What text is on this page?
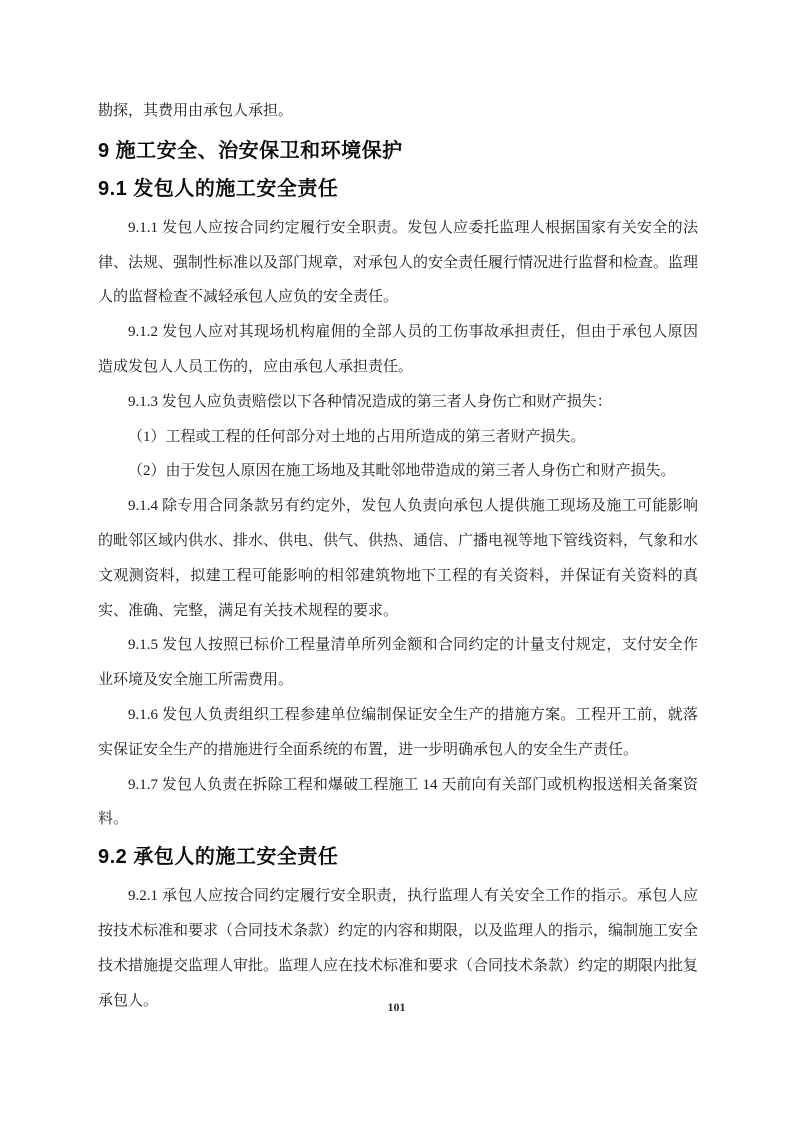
勘探，其费用由承包人承担。

9 施工安全、治安保卫和环境保护
9.1 发包人的施工安全责任

9.1.1 发包人应按合同约定履行安全职责。发包人应委托监理人根据国家有关安全的法律、法规、强制性标准以及部门规章，对承包人的安全责任履行情况进行监督和检查。监理人的监督检查不减轻承包人应负的安全责任。

9.1.2 发包人应对其现场机构雇佣的全部人员的工伤事故承担责任，但由于承包人原因造成发包人人员工伤的，应由承包人承担责任。

9.1.3 发包人应负责赔偿以下各种情况造成的第三者人身伤亡和财产损失：

（1）工程或工程的任何部分对土地的占用所造成的第三者财产损失。

（2）由于发包人原因在施工场地及其毗邻地带造成的第三者人身伤亡和财产损失。

9.1.4 除专用合同条款另有约定外，发包人负责向承包人提供施工现场及施工可能影响的毗邻区域内供水、排水、供电、供气、供热、通信、广播电视等地下管线资料，气象和水文观测资料，拟建工程可能影响的相邻建筑物地下工程的有关资料，并保证有关资料的真实、准确、完整，满足有关技术规程的要求。

9.1.5 发包人按照已标价工程量清单所列金额和合同约定的计量支付规定，支付安全作业环境及安全施工所需费用。

9.1.6 发包人负责组织工程参建单位编制保证安全生产的措施方案。工程开工前，就落实保证安全生产的措施进行全面系统的布置，进一步明确承包人的安全生产责任。

9.1.7 发包人负责在拆除工程和爆破工程施工 14 天前向有关部门或机构报送相关备案资料。

9.2 承包人的施工安全责任

9.2.1 承包人应按合同约定履行安全职责，执行监理人有关安全工作的指示。承包人应按技术标准和要求（合同技术条款）约定的内容和期限，以及监理人的指示，编制施工安全技术措施提交监理人审批。监理人应在技术标准和要求（合同技术条款）约定的期限内批复承包人。	101
